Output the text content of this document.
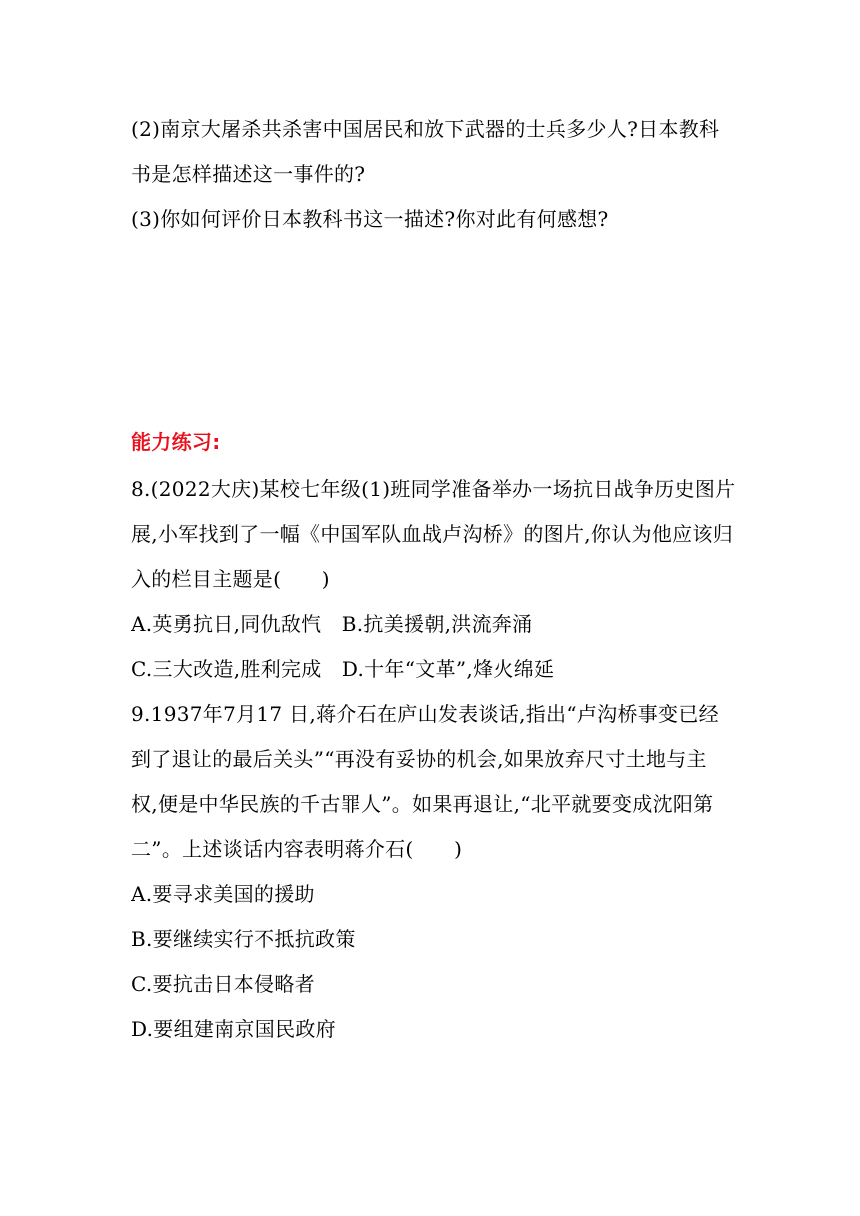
(2)南京大屠杀共杀害中国居民和放下武器的士兵多少人?日本教科
书是怎样描述这一事件的?
(3)你如何评价日本教科书这一描述?你对此有何感想?
能力练习:
8.(2022大庆)某校七年级(1)班同学准备举办一场抗日战争历史图片
展,小军找到了一幅《中国军队血战卢沟桥》的图片,你认为他应该归
入的栏目主题是(　　)
A.英勇抗日,同仇敌忾　B.抗美援朝,洪流奔涌
C.三大改造,胜利完成　D.十年“文革”,烽火绵延
9.1937年7月17 日,蒋介石在庐山发表谈话,指出“卢沟桥事变已经
到了退让的最后关头”“再没有妥协的机会,如果放弃尺寸土地与主
权,便是中华民族的千古罪人”。如果再退让,“北平就要变成沈阳第
二”。上述谈话内容表明蒋介石(　　)
A.要寻求美国的援助
B.要继续实行不抵抗政策
C.要抗击日本侵略者
D.要组建南京国民政府
